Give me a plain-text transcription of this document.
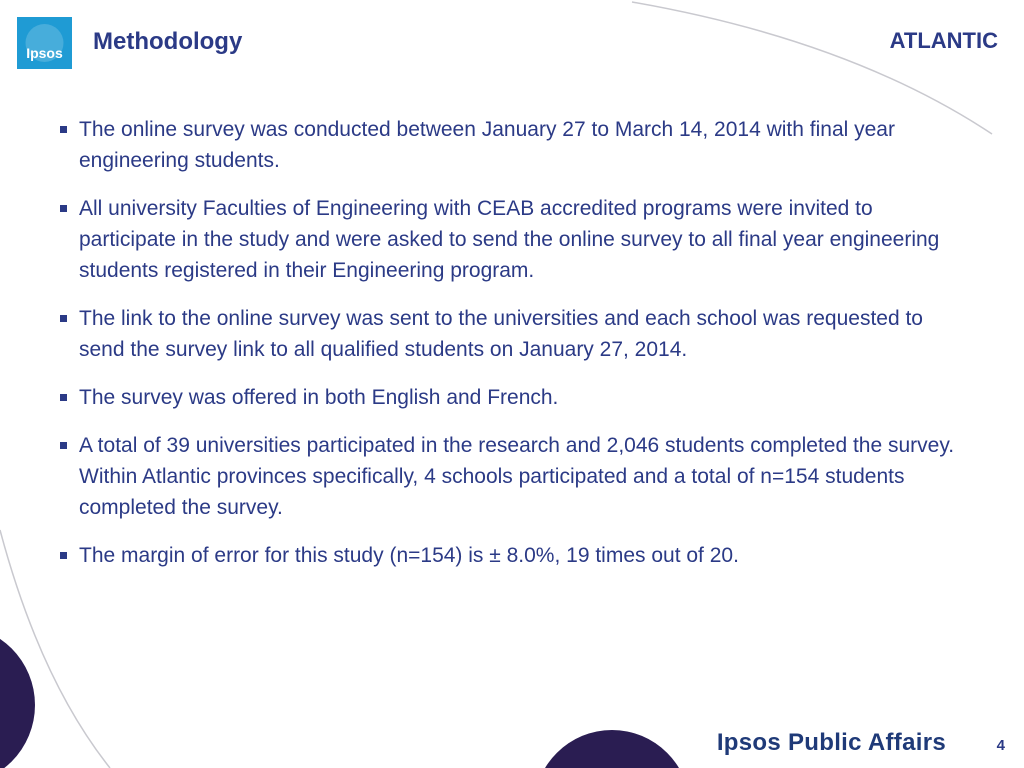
Ipsos Methodology	ATLANTIC
The online survey was conducted between January 27 to March 14, 2014 with final year engineering students.
All university Faculties of Engineering with CEAB accredited programs were invited to participate in the study and were asked to send the online survey to all final year engineering students registered in their Engineering program.
The link to the online survey was sent to the universities and each school was requested to send the survey link to all qualified students on January 27, 2014.
The survey was offered in both English and French.
A total of 39 universities participated in the research and 2,046 students completed the survey. Within Atlantic provinces specifically, 4 schools participated and a total of n=154 students completed the survey.
The margin of error for this study (n=154) is ± 8.0%, 19 times out of 20.
Ipsos Public Affairs	4
